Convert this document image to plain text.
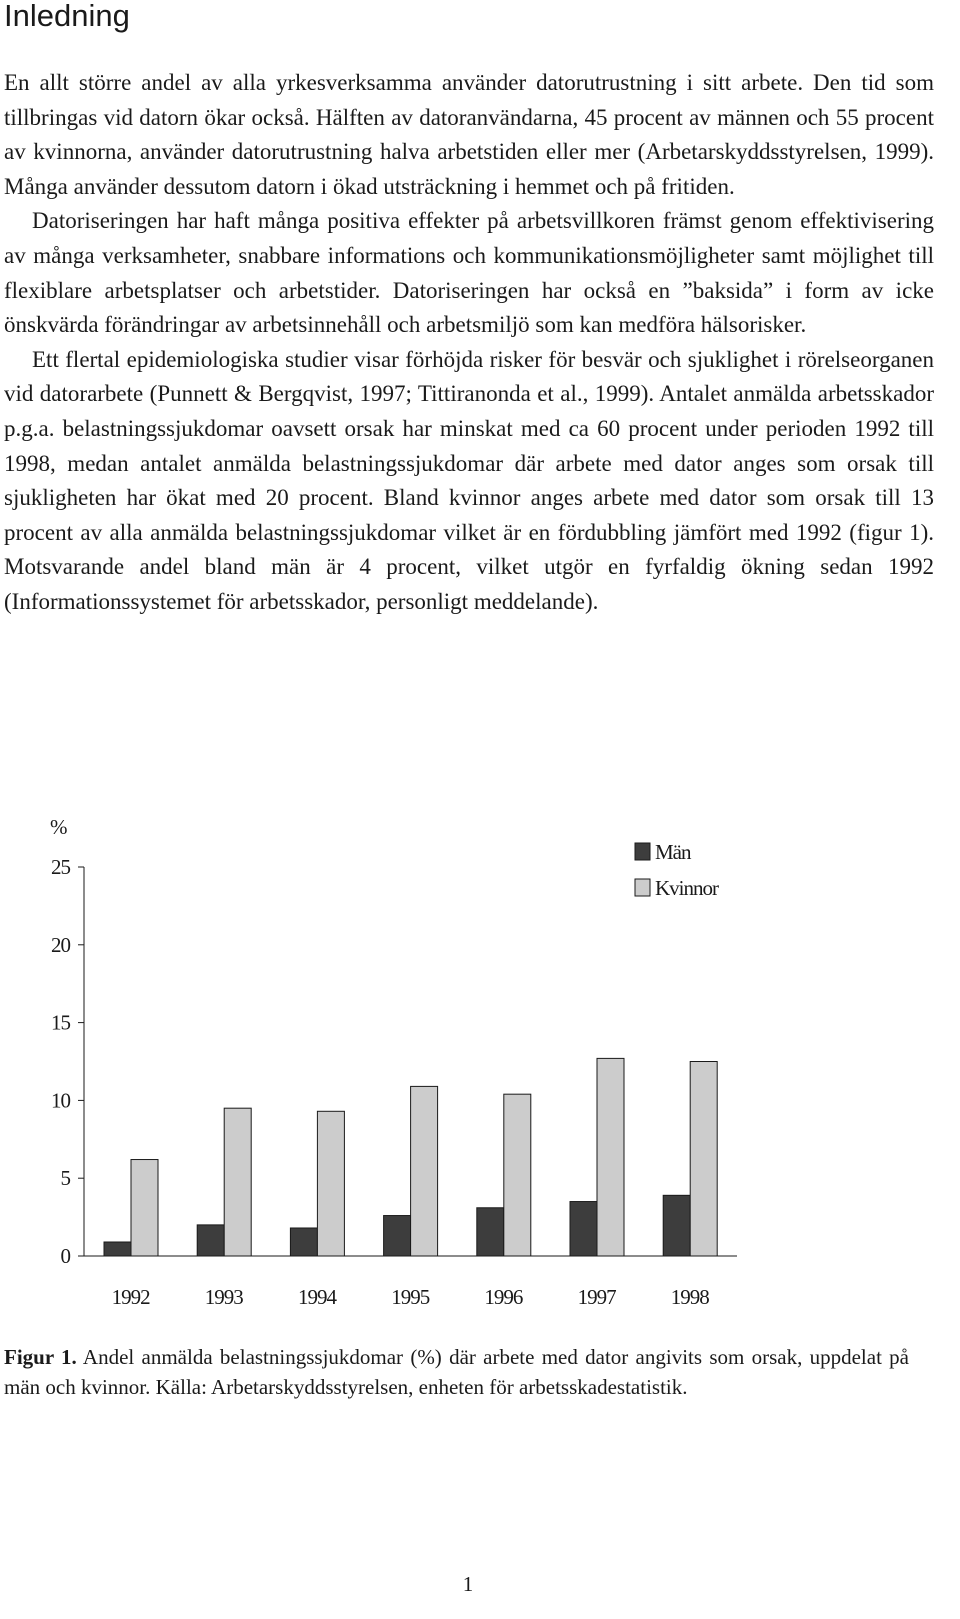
Inledning

En allt större andel av alla yrkesverksamma använder datorutrustning i sitt arbete. Den tid som tillbringas vid datorn ökar också. Hälften av datoranvändarna, 45 procent av männen och 55 procent av kvinnorna, använder datorutrustning halva arbetstiden eller mer (Arbetarskyddsstyrelsen, 1999). Många använder dessutom datorn i ökad utsträckning i hemmet och på fritiden.

Datoriseringen har haft många positiva effekter på arbetsvillkoren främst genom effektivisering av många verksamheter, snabbare informations och kommunikationsmöjligheter samt möjlighet till flexiblare arbetsplatser och arbetstider. Datoriseringen har också en ”baksida” i form av icke önskvärda förändringar av arbetsinnehåll och arbetsmiljö som kan medföra hälsorisker.

Ett flertal epidemiologiska studier visar förhöjda risker för besvär och sjuklighet i rörelseorganen vid datorarbete (Punnett & Bergqvist, 1997; Tittiranonda et al., 1999). Antalet anmälda arbetsskador p.g.a. belastningssjukdomar oavsett orsak har minskat med ca 60 procent under perioden 1992 till 1998, medan antalet anmälda belastningssjukdomar där arbete med dator anges som orsak till sjukligheten har ökat med 20 procent. Bland kvinnor anges arbete med dator som orsak till 13 procent av alla anmälda belastningssjukdomar vilket är en fördubbling jämfört med 1992 (figur 1). Motsvarande andel bland män är 4 procent, vilket utgör en fyrfaldig ökning sedan 1992 (Informationssystemet för arbetsskador, personligt meddelande).

0
5
10
15
20
25
%
1992	1993	1994	1995	1996	1997	1998
Män
Kvinnor

Figur 1. Andel anmälda belastningssjukdomar (%) där arbete med dator angivits som orsak, uppdelat på män och kvinnor. Källa: Arbetarskyddsstyrelsen, enheten för arbetsskadestatistik.

1
